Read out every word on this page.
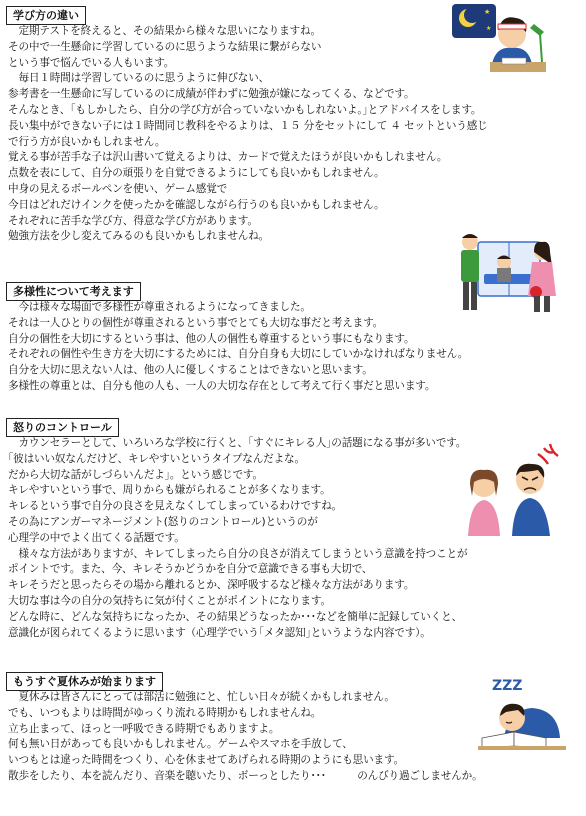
学び方の違い

　定期テストを終えると、その結果から様々な思いになりますね。

その中で一生懸命に学習しているのに思うような結果に繋がらない

という事で悩んでいる人もいます。

　毎日１時間は学習しているのに思うように伸びない、

参考書を一生懸命に写しているのに成績が伴わずに勉強が嫌になってくる、などです。

そんなとき、｢もしかしたら、自分の学び方が合っていないかもしれないよ。｣とアドバイスをします。

長い集中ができない子には１時間同じ教科をやるよりは、１５ 分をセットにして ４ セットという感じ

で行う方が良いかもしれません。

覚える事が苦手な子は沢山書いて覚えるよりは、カードで覚えたほうが良いかもしれません。

点数を表にして、自分の頑張りを自覚できるようにしても良いかもしれません。

中身の見えるボールペンを使い、ゲーム感覚で

今日はどれだけインクを使ったかを確認しながら行うのも良いかもしれません。

それぞれに苦手な学び方、得意な学び方があります。

勉強方法を少し変えてみるのも良いかもしれませんね。

★
★
多様性について考えます

　今は様々な場面で多様性が尊重されるようになってきました。

それは一人ひとりの個性が尊重されるという事でとても大切な事だと考えます。

自分の個性を大切にするという事は、他の人の個性も尊重するという事にもなります。

それぞれの個性や生き方を大切にするためには、自分自身も大切にしていかなければなりません。

自分を大切に思えない人は、他の人に優しくすることはできないと思います。

多様性の尊重とは、自分も他の人も、一人の大切な存在として考えて行く事だと思います。

怒りのコントロール

　カウンセラーとして、いろいろな学校に行くと、｢すぐにキレる人｣の話題になる事が多いです。

｢彼はいい奴なんだけど、キレやすいというタイプなんだよな。

だから大切な話がしづらいんだよ｣。という感じです。

キレやすいという事で、周りからも嫌がられることが多くなります。

キレるという事で自分の良さを見えなくしてしまっているわけですね。

その為にアンガーマネージメント(怒りのコントロール)というのが

心理学の中でよく出てくる話題です。

　様々な方法がありますが、キレてしまったら自分の良さが消えてしまうという意識を持つことが

ポイントです。また、今、キレそうかどうかを自分で意識できる事も大切で、

キレそうだと思ったらその場から離れるとか、深呼吸するなど様々な方法があります。

大切な事は今の自分の気持ちに気が付くことがポイントになります。

どんな時に、どんな気持ちになったか、その結果どうなったか･･･などを簡単に記録していくと、

意識化が図られてくるように思います（心理学でいう｢メタ認知｣というような内容です）。

もうすぐ夏休みが始まります

　夏休みは皆さんにとっては部活に勉強にと、忙しい日々が続くかもしれません。

でも、いつもよりは時間がゆっくり流れる時期かもしれませんね。

立ち止まって、ほっと一呼吸できる時期でもありますよ。

何も無い日があっても良いかもしれません。ゲームやスマホを手放して、

いつもとは違った時間をつくり、心を休ませてあげられる時期のようにも思います。

散歩をしたり、本を読んだり、音楽を聴いたり、ボーっとしたり･･･　　　のんびり過ごしませんか。

ZZZ
